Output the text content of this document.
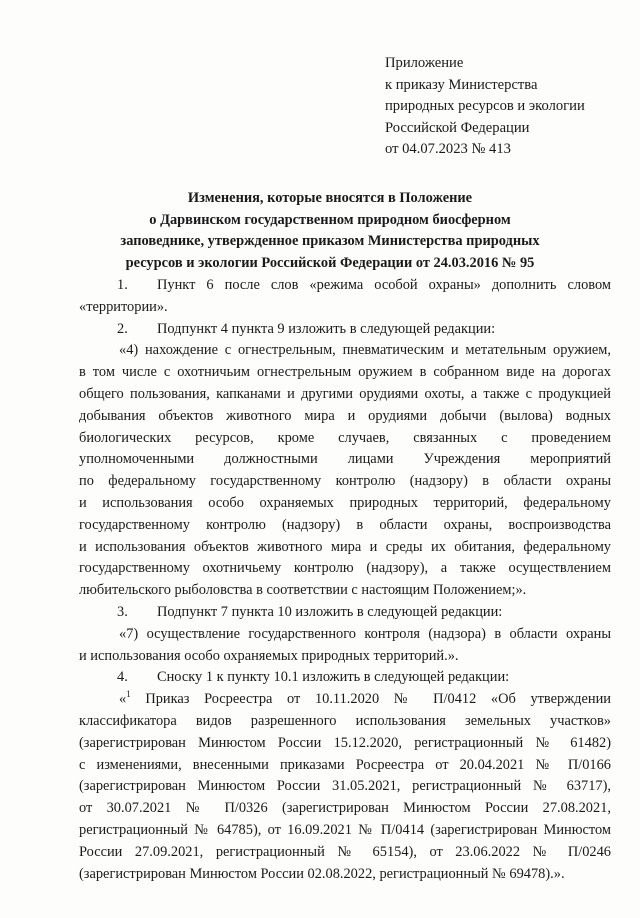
Приложение
к приказу Министерства
природных ресурсов и экологии
Российской Федерации
от 04.07.2023 № 413
Изменения, которые вносятся в Положение
о Дарвинском государственном природном биосферном
заповеднике, утвержденное приказом Министерства природных
ресурсов и экологии Российской Федерации от 24.03.2016 № 95
1. Пункт 6 после слов «режима особой охраны» дополнить словом
«территории».
2. Подпункт 4 пункта 9 изложить в следующей редакции:
«4) нахождение с огнестрельным, пневматическим и метательным оружием,
в том числе с охотничьим огнестрельным оружием в собранном виде на дорогах
общего пользования, капканами и другими орудиями охоты, а также с продукцией
добывания объектов животного мира и орудиями добычи (вылова) водных
биологических ресурсов, кроме случаев, связанных с проведением
уполномоченными должностными лицами Учреждения мероприятий
по федеральному государственному контролю (надзору) в области охраны
и использования особо охраняемых природных территорий, федеральному
государственному контролю (надзору) в области охраны, воспроизводства
и использования объектов животного мира и среды их обитания, федеральному
государственному охотничьему контролю (надзору), а также осуществлением
любительского рыболовства в соответствии с настоящим Положением;».
3. Подпункт 7 пункта 10 изложить в следующей редакции:
«7) осуществление государственного контроля (надзора) в области охраны
и использования особо охраняемых природных территорий.».
4. Сноску 1 к пункту 10.1 изложить в следующей редакции:
«$^1$ Приказ Росреестра от 10.11.2020 № П/0412 «Об утверждении
классификатора видов разрешенного использования земельных участков»
(зарегистрирован Минюстом России 15.12.2020, регистрационный № 61482)
с изменениями, внесенными приказами Росреестра от 20.04.2021 № П/0166
(зарегистрирован Минюстом России 31.05.2021, регистрационный № 63717),
от 30.07.2021 № П/0326 (зарегистрирован Минюстом России 27.08.2021,
регистрационный № 64785), от 16.09.2021 № П/0414 (зарегистрирован Минюстом
России 27.09.2021, регистрационный № 65154), от 23.06.2022 № П/0246
(зарегистрирован Минюстом России 02.08.2022, регистрационный № 69478).».
